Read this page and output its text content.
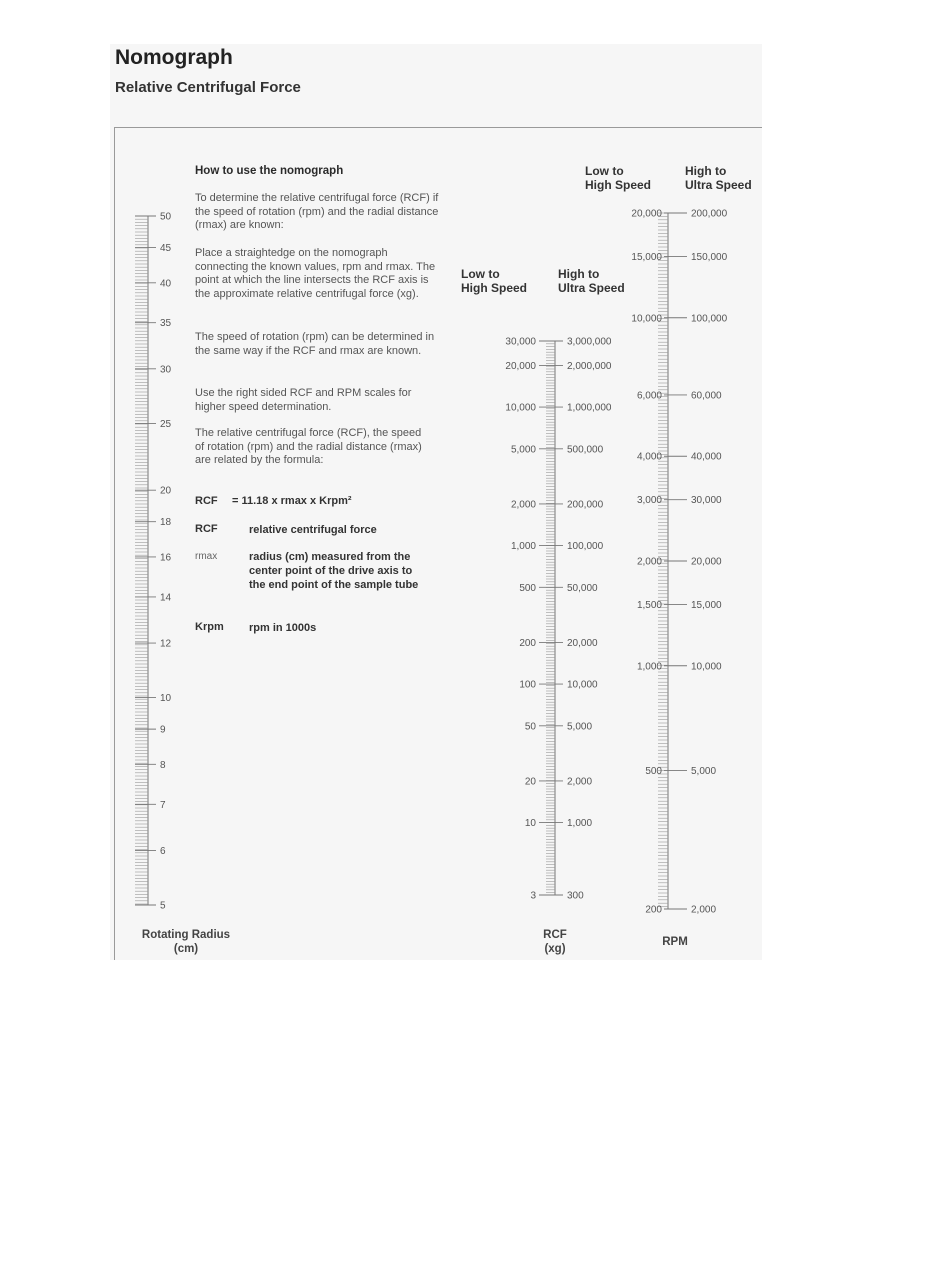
Nomograph
Relative Centrifugal Force
How to use the nomograph
To determine the relative centrifugal force (RCF) if the speed of rotation (rpm) and the radial distance (rmax) are known:
Place a straightedge on the nomograph connecting the known values, rpm and rmax. The point at which the line intersects the RCF axis is the approximate relative centrifugal force (xg).
The speed of rotation (rpm) can be determined in the same way if the RCF and rmax are known.
Use the right sided RCF and RPM scales for higher speed determination.
The relative centrifugal force (RCF), the speed of rotation (rpm) and the radial distance (rmax) are related by the formula:
RCF = 11.18 x rmax x Krpm²
RCF	relative centrifugal force
rmax	radius (cm) measured from the center point of the drive axis to the end point of the sample tube
Krpm rpm in 1000s
Low to
High Speed
High to
Ultra Speed
Low to
High Speed
High to
Ultra Speed
Rotating Radius
(cm)
RCF
(xg)
RPM
50
45
40
35
30
25
20
18
16
14
12
10
9
8
7
6
5
30,000	3,000,000
20,000	2,000,000
10,000	1,000,000
5,000	500,000
2,000	200,000
1,000	100,000
500	50,000
200	20,000
100	10,000
50	5,000
20	2,000
10	1,000
3	300
20,000	200,000
15,000	150,000
10,000	100,000
6,000	60,000
4,000	40,000
3,000	30,000
2,000	20,000
1,500	15,000
1,000	10,000
500	5,000
200	2,000
